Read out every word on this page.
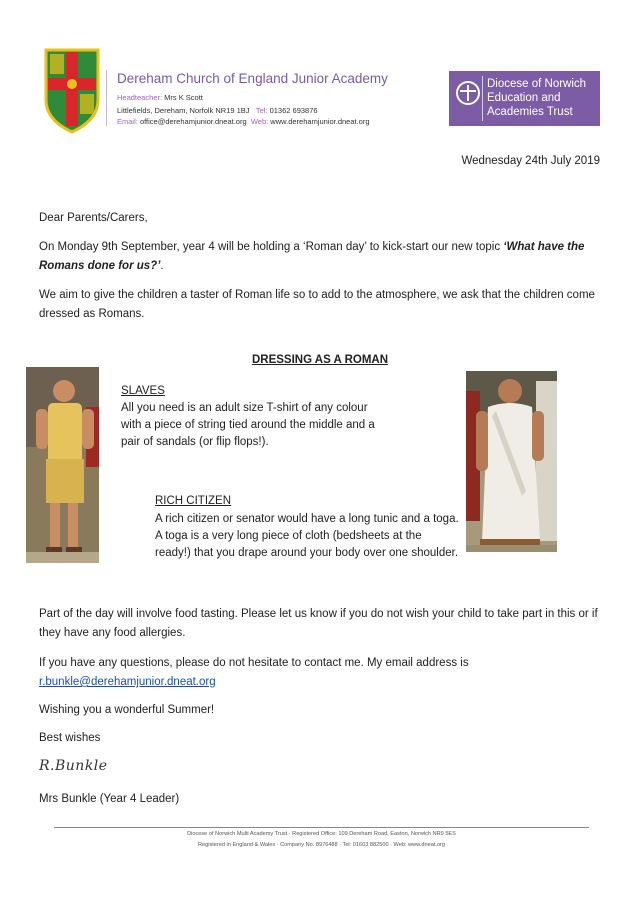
Dereham Church of England Junior Academy
Headteacher: Mrs K Scott
Littlefields, Dereham, Norfolk NR19 1BJ Tel: 01362 693876
Email: office@derehamjunior.dneat.org Web: www.derehamjunior.dneat.org
Diocese of Norwich
Education and
Academies Trust
Wednesday 24th July 2019
Dear Parents/Carers,
On Monday 9th September, year 4 will be holding a ‘Roman day’ to kick-start our new topic ‘What have the Romans done for us?’.
We aim to give the children a taster of Roman life so to add to the atmosphere, we ask that the children come dressed as Romans.
DRESSING AS A ROMAN
SLAVES
All you need is an adult size T-shirt of any colour with a piece of string tied around the middle and a pair of sandals (or flip flops!).
RICH CITIZEN
A rich citizen or senator would have a long tunic and a toga. A toga is a very long piece of cloth (bedsheets at the ready!) that you drape around your body over one shoulder.
Part of the day will involve food tasting. Please let us know if you do not wish your child to take part in this or if they have any food allergies.
If you have any questions, please do not hesitate to contact me. My email address is
r.bunkle@derehamjunior.dneat.org
Wishing you a wonderful Summer!
Best wishes
R.Bunkle
Mrs Bunkle (Year 4 Leader)
Diocese of Norwich Multi Academy Trust · Registered Office: 109 Dereham Road, Easton, Norwich NR9 5ES
Registered in England & Wales · Company No. 8976488 · Tel: 01603 882500 · Web: www.dneat.org
